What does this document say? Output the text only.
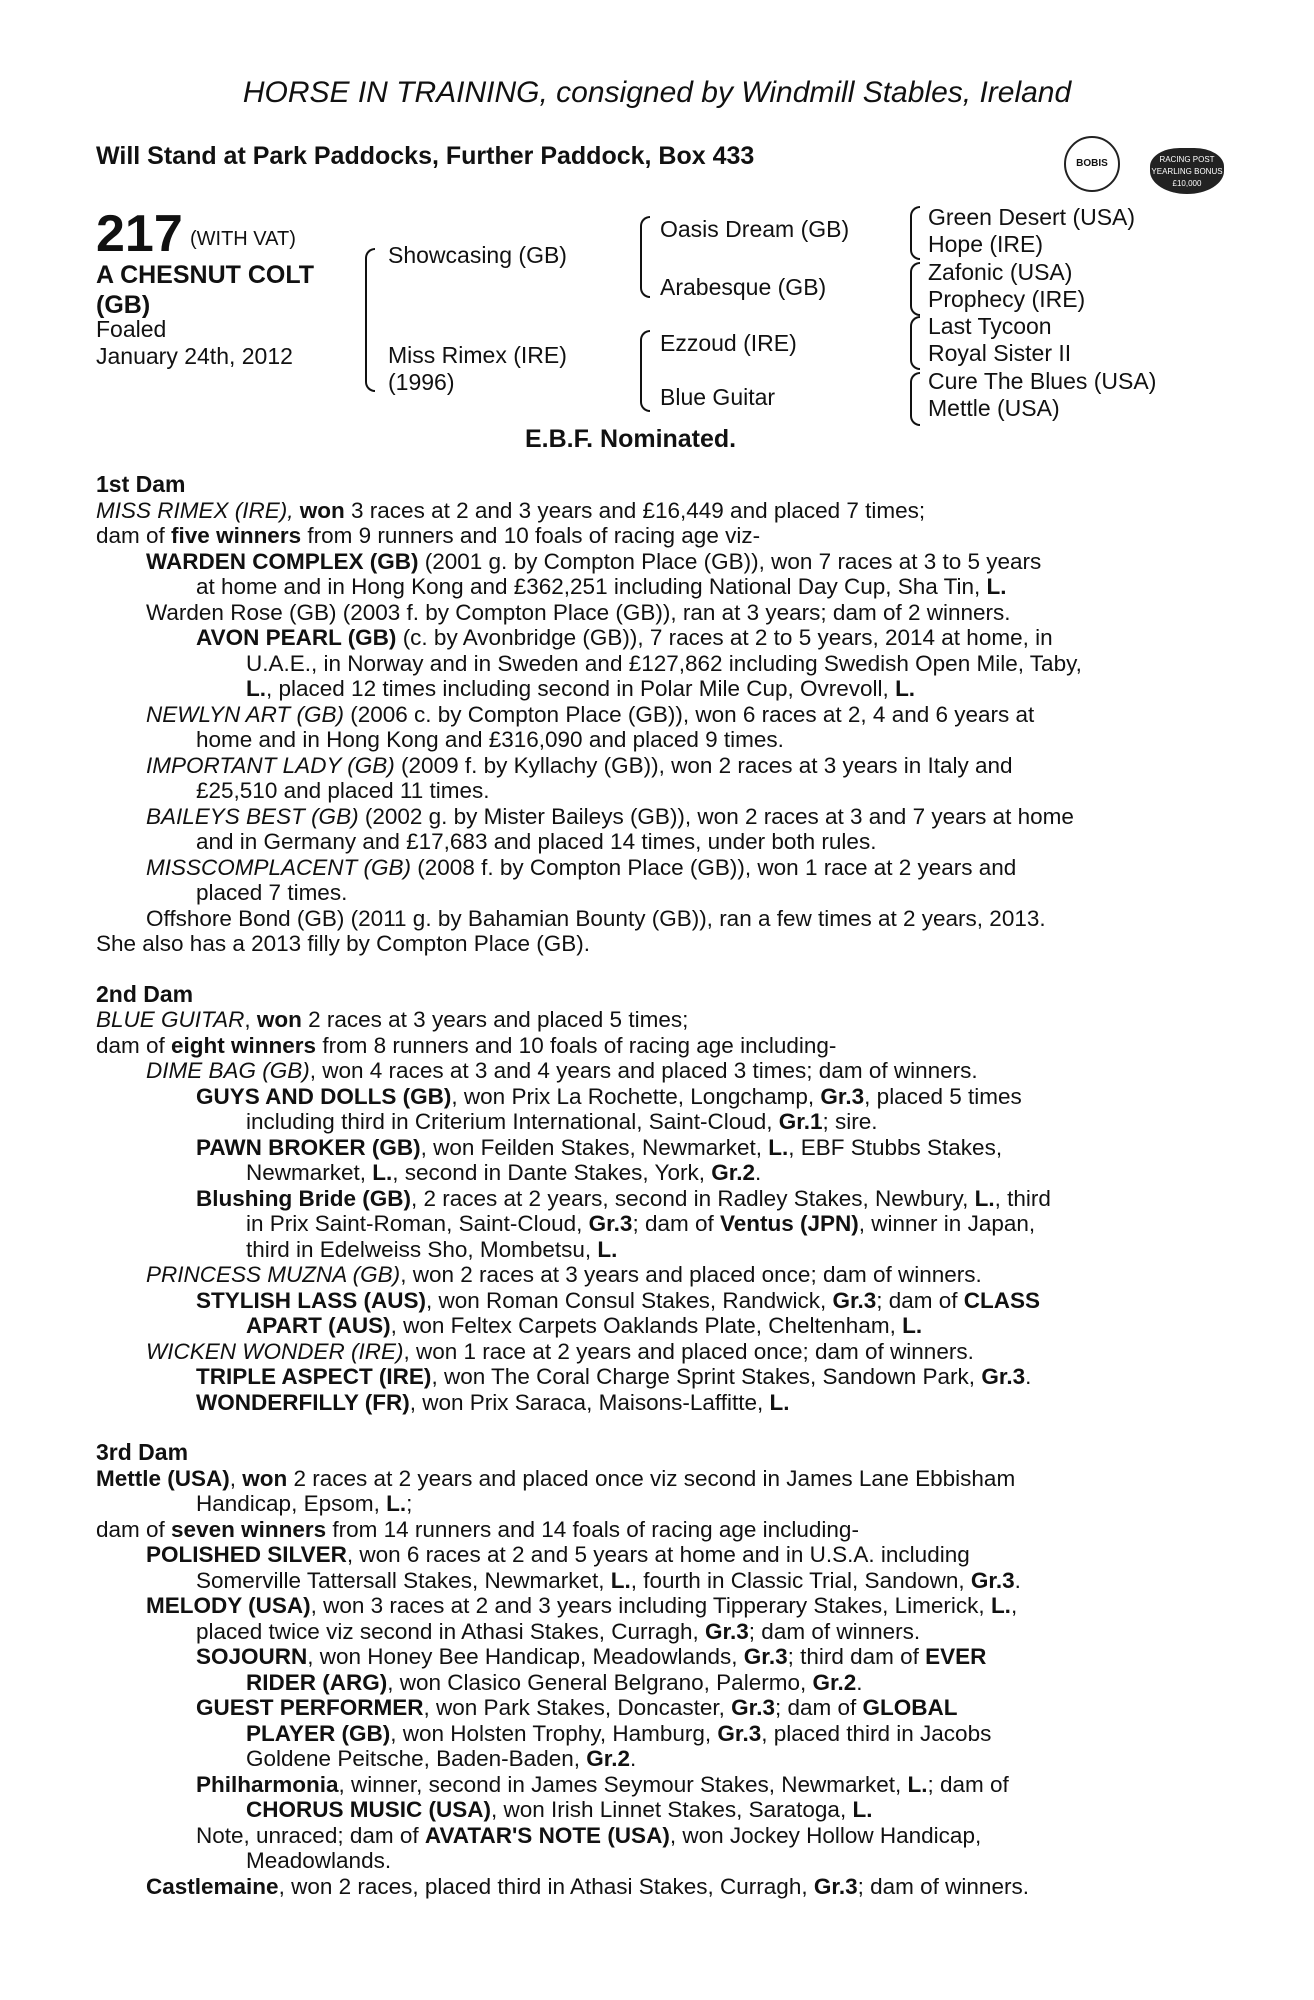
HORSE IN TRAINING, consigned by Windmill Stables, Ireland
Will Stand at Park Paddocks, Further Paddock, Box 433	BOBIS	RACING POST
YEARLING BONUS
£10,000
217 (WITH VAT)
A CHESNUT COLT
(GB)
Foaled
January 24th, 2012
Showcasing (GB)
Miss Rimex (IRE)
(1996)
Oasis Dream (GB)
Arabesque (GB)
Ezzoud (IRE)
Blue Guitar
Green Desert (USA)
Hope (IRE)
Zafonic (USA)
Prophecy (IRE)
Last Tycoon
Royal Sister II
Cure The Blues (USA)
Mettle (USA)
E.B.F. Nominated.

1st Dam

MISS RIMEX (IRE), won 3 races at 2 and 3 years and £16,449 and placed 7 times;

dam of five winners from 9 runners and 10 foals of racing age viz-

WARDEN COMPLEX (GB) (2001 g. by Compton Place (GB)), won 7 races at 3 to 5 years

at home and in Hong Kong and £362,251 including National Day Cup, Sha Tin, L.

Warden Rose (GB) (2003 f. by Compton Place (GB)), ran at 3 years; dam of 2 winners.

AVON PEARL (GB) (c. by Avonbridge (GB)), 7 races at 2 to 5 years, 2014 at home, in

U.A.E., in Norway and in Sweden and £127,862 including Swedish Open Mile, Taby,

L., placed 12 times including second in Polar Mile Cup, Ovrevoll, L.

NEWLYN ART (GB) (2006 c. by Compton Place (GB)), won 6 races at 2, 4 and 6 years at

home and in Hong Kong and £316,090 and placed 9 times.

IMPORTANT LADY (GB) (2009 f. by Kyllachy (GB)), won 2 races at 3 years in Italy and

£25,510 and placed 11 times.

BAILEYS BEST (GB) (2002 g. by Mister Baileys (GB)), won 2 races at 3 and 7 years at home

and in Germany and £17,683 and placed 14 times, under both rules.

MISSCOMPLACENT (GB) (2008 f. by Compton Place (GB)), won 1 race at 2 years and

placed 7 times.

Offshore Bond (GB) (2011 g. by Bahamian Bounty (GB)), ran a few times at 2 years, 2013.

She also has a 2013 filly by Compton Place (GB).

2nd Dam

BLUE GUITAR, won 2 races at 3 years and placed 5 times;

dam of eight winners from 8 runners and 10 foals of racing age including-

DIME BAG (GB), won 4 races at 3 and 4 years and placed 3 times; dam of winners.

GUYS AND DOLLS (GB), won Prix La Rochette, Longchamp, Gr.3, placed 5 times

including third in Criterium International, Saint-Cloud, Gr.1; sire.

PAWN BROKER (GB), won Feilden Stakes, Newmarket, L., EBF Stubbs Stakes,

Newmarket, L., second in Dante Stakes, York, Gr.2.

Blushing Bride (GB), 2 races at 2 years, second in Radley Stakes, Newbury, L., third

in Prix Saint-Roman, Saint-Cloud, Gr.3; dam of Ventus (JPN), winner in Japan,

third in Edelweiss Sho, Mombetsu, L.

PRINCESS MUZNA (GB), won 2 races at 3 years and placed once; dam of winners.

STYLISH LASS (AUS), won Roman Consul Stakes, Randwick, Gr.3; dam of CLASS

APART (AUS), won Feltex Carpets Oaklands Plate, Cheltenham, L.

WICKEN WONDER (IRE), won 1 race at 2 years and placed once; dam of winners.

TRIPLE ASPECT (IRE), won The Coral Charge Sprint Stakes, Sandown Park, Gr.3.

WONDERFILLY (FR), won Prix Saraca, Maisons-Laffitte, L.

3rd Dam

Mettle (USA), won 2 races at 2 years and placed once viz second in James Lane Ebbisham

Handicap, Epsom, L.;

dam of seven winners from 14 runners and 14 foals of racing age including-

POLISHED SILVER, won 6 races at 2 and 5 years at home and in U.S.A. including

Somerville Tattersall Stakes, Newmarket, L., fourth in Classic Trial, Sandown, Gr.3.

MELODY (USA), won 3 races at 2 and 3 years including Tipperary Stakes, Limerick, L.,

placed twice viz second in Athasi Stakes, Curragh, Gr.3; dam of winners.

SOJOURN, won Honey Bee Handicap, Meadowlands, Gr.3; third dam of EVER

RIDER (ARG), won Clasico General Belgrano, Palermo, Gr.2.

GUEST PERFORMER, won Park Stakes, Doncaster, Gr.3; dam of GLOBAL

PLAYER (GB), won Holsten Trophy, Hamburg, Gr.3, placed third in Jacobs

Goldene Peitsche, Baden-Baden, Gr.2.

Philharmonia, winner, second in James Seymour Stakes, Newmarket, L.; dam of

CHORUS MUSIC (USA), won Irish Linnet Stakes, Saratoga, L.

Note, unraced; dam of AVATAR'S NOTE (USA), won Jockey Hollow Handicap,

Meadowlands.

Castlemaine, won 2 races, placed third in Athasi Stakes, Curragh, Gr.3; dam of winners.
